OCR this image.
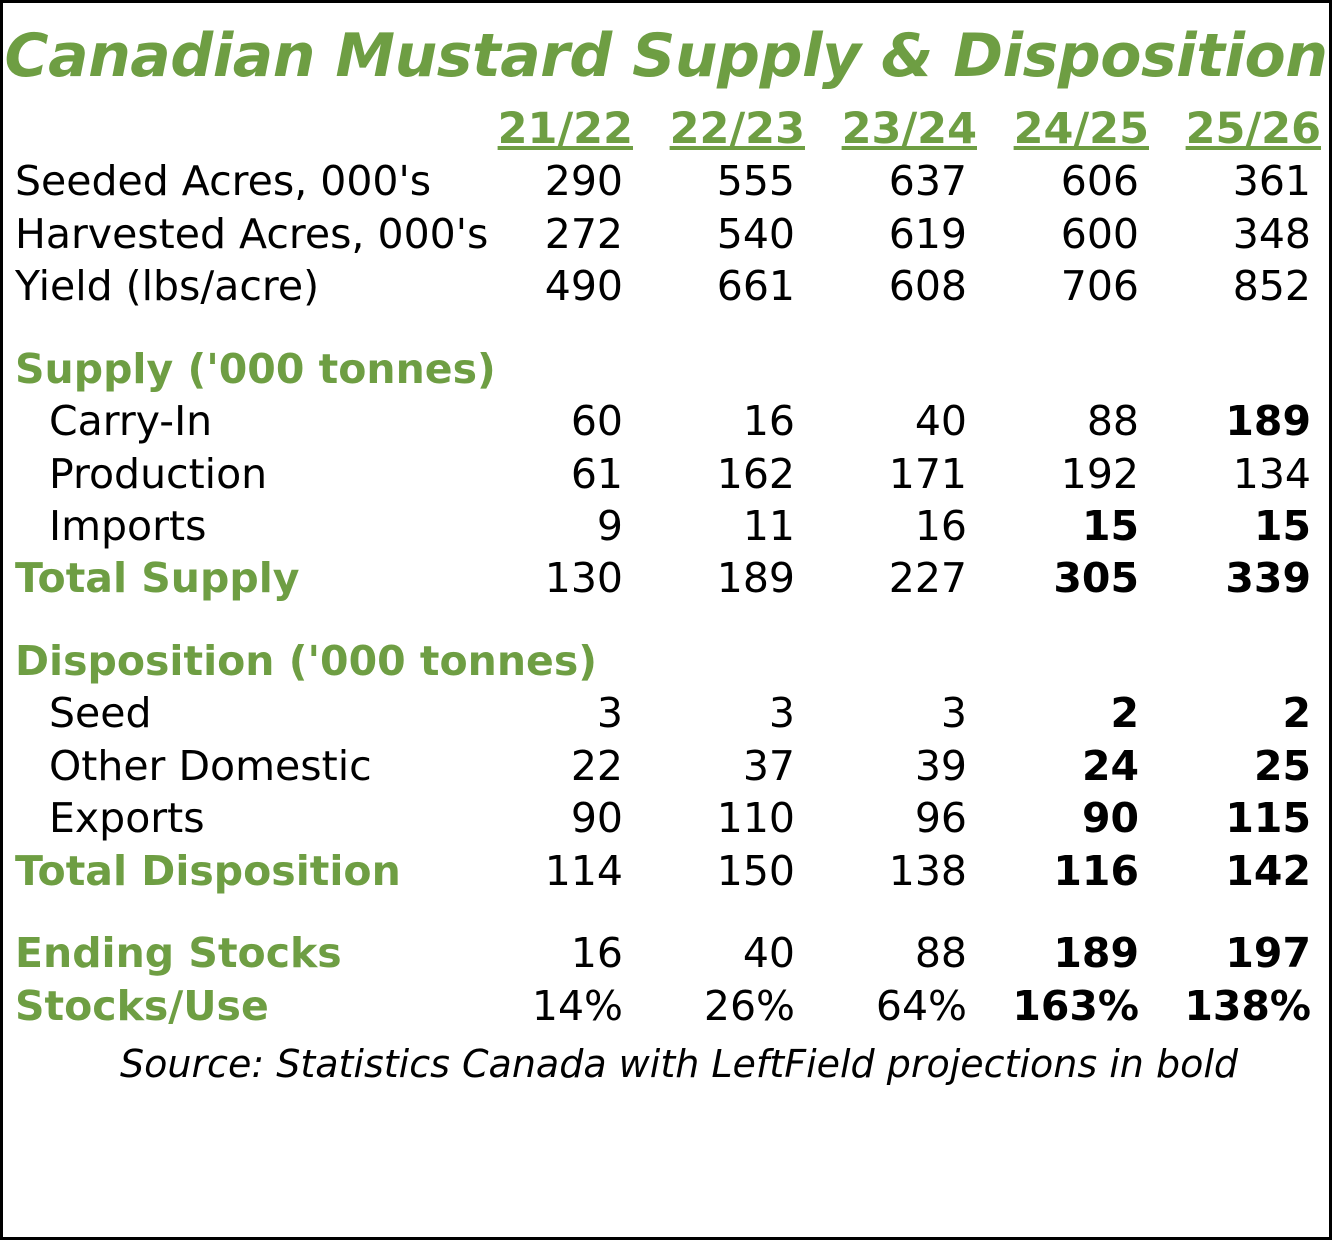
Canadian Mustard Supply & Disposition
	21/22	22/23	23/24	24/25	25/26
Seeded Acres, 000's	290	555	637	606	361
Harvested Acres, 000's	272	540	619	600	348
Yield (lbs/acre)	490	661	608	706	852

Supply ('000 tonnes)					
Carry-In	60	16	40	88	189
Production	61	162	171	192	134
Imports	9	11	16	15	15
Total Supply	130	189	227	305	339

Disposition ('000 tonnes)					
Seed	3	3	3	2	2
Other Domestic	22	37	39	24	25
Exports	90	110	96	90	115
Total Disposition	114	150	138	116	142

Ending Stocks	16	40	88	189	197
Stocks/Use	14%	26%	64%	163%	138%
Source: Statistics Canada with LeftField projections in bold
